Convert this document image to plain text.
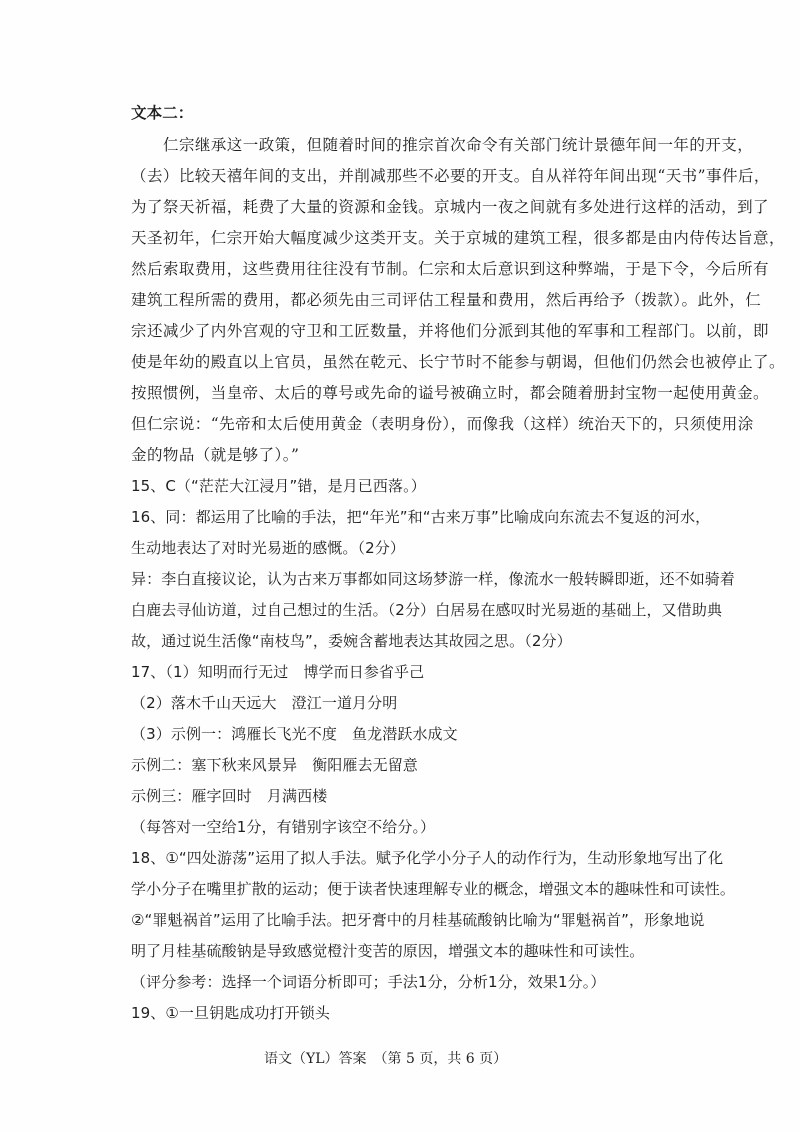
文本二：
仁宗继承这一政策，但随着时间的推宗首次命令有关部门统计景德年间一年的开支，
（去）比较天禧年间的支出，并削减那些不必要的开支。自从祥符年间出现“天书”事件后，
为了祭天祈福，耗费了大量的资源和金钱。京城内一夜之间就有多处进行这样的活动，到了
天圣初年，仁宗开始大幅度减少这类开支。关于京城的建筑工程，很多都是由内侍传达旨意，
然后索取费用，这些费用往往没有节制。仁宗和太后意识到这种弊端，于是下令，今后所有
建筑工程所需的费用，都必须先由三司评估工程量和费用，然后再给予（拨款）。此外，仁
宗还减少了内外宫观的守卫和工匠数量，并将他们分派到其他的军事和工程部门。以前，即
使是年幼的殿直以上官员，虽然在乾元、长宁节时不能参与朝谒，但他们仍然会也被停止了。
按照惯例，当皇帝、太后的尊号或先命的谥号被确立时，都会随着册封宝物一起使用黄金。
但仁宗说：“先帝和太后使用黄金（表明身份），而像我（这样）统治天下的，只须使用涂
金的物品（就是够了）。”
15、C（“茫茫大江浸月”错，是月已西落。）
16、同：都运用了比喻的手法，把“年光”和“古来万事”比喻成向东流去不复返的河水，
生动地表达了对时光易逝的感慨。（2分）
异：李白直接议论，认为古来万事都如同这场梦游一样，像流水一般转瞬即逝，还不如骑着
白鹿去寻仙访道，过自己想过的生活。（2分）白居易在感叹时光易逝的基础上，又借助典
故，通过说生活像“南枝鸟”，委婉含蓄地表达其故园之思。（2分）
17、（1）知明而行无过　博学而日参省乎己
（2）落木千山天远大　澄江一道月分明
（3）示例一：鸿雁长飞光不度　鱼龙潜跃水成文
示例二：塞下秋来风景异　衡阳雁去无留意
示例三：雁字回时　月满西楼
（每答对一空给1分，有错别字该空不给分。）
18、①“四处游荡”运用了拟人手法。赋予化学小分子人的动作行为，生动形象地写出了化
学小分子在嘴里扩散的运动；便于读者快速理解专业的概念，增强文本的趣味性和可读性。
②“罪魁祸首”运用了比喻手法。把牙膏中的月桂基硫酸钠比喻为“罪魁祸首”，形象地说
明了月桂基硫酸钠是导致感觉橙汁变苦的原因，增强文本的趣味性和可读性。
（评分参考：选择一个词语分析即可；手法1分，分析1分，效果1分。）
19、①一旦钥匙成功打开锁头
语文（YL）答案　（第 5 页，共 6 页）
